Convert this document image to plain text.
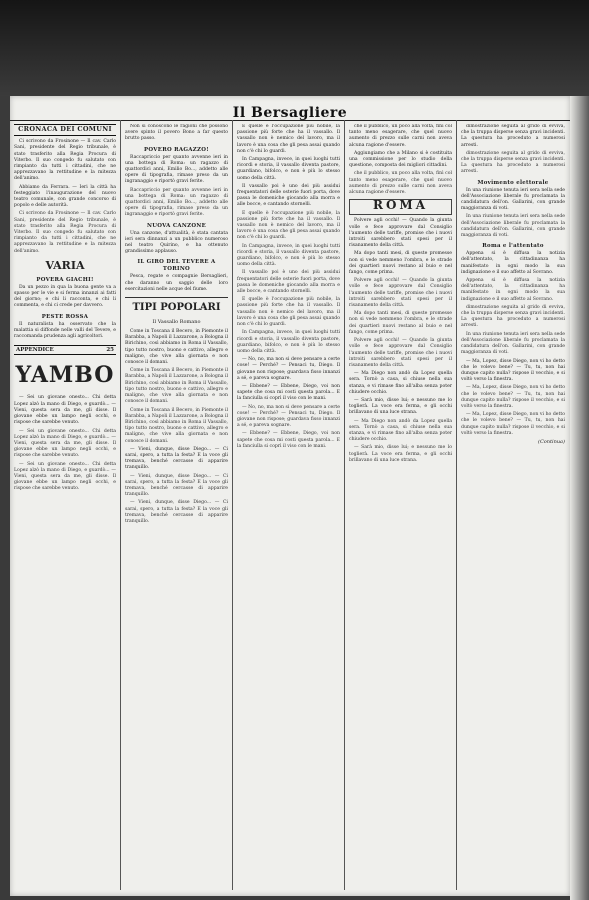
Il Bersagliere
CRONACA DEI COMUNI

Ci scrivono da Frosinone — Il cav. Carlo Sani, presidente del Regio tribunale, è stato trasferito alla Regia Procura di Viterbo. Il suo congedo fu salutato con rimpianto da tutti i cittadini, che ne apprezzavano la rettitudine e la mitezza dell'animo.

Abbiamo da Ferrara. — Ieri la città ha festeggiato l'inaugurazione del nuovo teatro comunale, con grande concorso di popolo e delle autorità.

Ci scrivono da Frosinone — Il cav. Carlo Sani, presidente del Regio tribunale, è stato trasferito alla Regia Procura di Viterbo. Il suo congedo fu salutato con rimpianto da tutti i cittadini, che ne apprezzavano la rettitudine e la mitezza dell'animo.

VARIA
POVERA GIACHI!

Da un pezzo in qua la buona gente va a spasso per le vie e si ferma innanzi ai fatti del giorno; e chi li racconta, e chi li commenta, e chi ci crede per davvero.

PESTE ROSSA

Il naturalista ha osservato che la malattia si diffonde nelle valli del Tevere, e raccomanda prudenza agli agricoltori.

APPENDICE	25
YAMBO

— Sei un giovane onesto... Chi detta Lopez alzò la mano di Diego, e guardò... — Vieni, questa sera da me, gli disse. Il giovane ebbe un lampo negli occhi, e rispose che sarebbe venuto.

— Sei un giovane onesto... Chi detta Lopez alzò la mano di Diego, e guardò... — Vieni, questa sera da me, gli disse. Il giovane ebbe un lampo negli occhi, e rispose che sarebbe venuto.

— Sei un giovane onesto... Chi detta Lopez alzò la mano di Diego, e guardò... — Vieni, questa sera da me, gli disse. Il giovane ebbe un lampo negli occhi, e rispose che sarebbe venuto.

Non si conoscono le ragioni che possono avere spinto il povero Bono a far questo brutto passo.

POVERO RAGAZZO!

Raccapriccio per quanto avvenne ieri in una bottega di Roma: un ragazzo di quattordici anni, Emilio Bo..., addetto alle opere di tipografia, rimase preso da un ingranaggio e riportò gravi ferite.

Raccapriccio per quanto avvenne ieri in una bottega di Roma: un ragazzo di quattordici anni, Emilio Bo..., addetto alle opere di tipografia, rimase preso da un ingranaggio e riportò gravi ferite.

NUOVA CANZONE

Una canzone, d'attualità, è stata cantata ieri sera dinnanzi a un pubblico numeroso nel teatro Quirino, e ha ottenuto grandissimo applauso.

IL GIRO DEL TEVERE A TORINO

Pesca, regate e compagnie Bersaglieri, che daranno un saggio delle loro esercitazioni nelle acque del fiume.

TIPI POPOLARI
Il Vassallo Romano

Come in Toscana il Becero, in Piemonte il Barabba, a Napoli il Lazzarone, a Bologna il Birichino, così abbiamo in Roma il Vassallo, tipo tutto nostro, buono e cattivo, allegro e maligno, che vive alla giornata e non conosce il domani.

Come in Toscana il Becero, in Piemonte il Barabba, a Napoli il Lazzarone, a Bologna il Birichino, così abbiamo in Roma il Vassallo, tipo tutto nostro, buono e cattivo, allegro e maligno, che vive alla giornata e non conosce il domani.

Come in Toscana il Becero, in Piemonte il Barabba, a Napoli il Lazzarone, a Bologna il Birichino, così abbiamo in Roma il Vassallo, tipo tutto nostro, buono e cattivo, allegro e maligno, che vive alla giornata e non conosce il domani.

— Vieni, dunque, disse Diego... — Ci sarai, spero, a tutta la festa? E la voce gli tremava, benché cercasse di apparire tranquillo.

— Vieni, dunque, disse Diego... — Ci sarai, spero, a tutta la festa? E la voce gli tremava, benché cercasse di apparire tranquillo.

— Vieni, dunque, disse Diego... — Ci sarai, spero, a tutta la festa? E la voce gli tremava, benché cercasse di apparire tranquillo.

E quelle è l'occupazione più nobile, la passione più forte che ha il vassallo. Il vassallo non è nemico del lavoro, ma il lavoro è una cosa che gli pesa assai quando non c'è chi lo guardi.

In Campagna, invece, in quei luoghi tutti ricordi e storia, il vassallo diventa pastore, guardiano, bifolco, e non è più lo stesso uomo della città.

Il vassallo poi è uno dei più assidui frequentatori delle osterie fuori porta, dove passa le domeniche giocando alla morra e alle bocce, e cantando stornelli.

E quelle è l'occupazione più nobile, la passione più forte che ha il vassallo. Il vassallo non è nemico del lavoro, ma il lavoro è una cosa che gli pesa assai quando non c'è chi lo guardi.

In Campagna, invece, in quei luoghi tutti ricordi e storia, il vassallo diventa pastore, guardiano, bifolco, e non è più lo stesso uomo della città.

Il vassallo poi è uno dei più assidui frequentatori delle osterie fuori porta, dove passa le domeniche giocando alla morra e alle bocce, e cantando stornelli.

E quelle è l'occupazione più nobile, la passione più forte che ha il vassallo. Il vassallo non è nemico del lavoro, ma il lavoro è una cosa che gli pesa assai quando non c'è chi lo guardi.

In Campagna, invece, in quei luoghi tutti ricordi e storia, il vassallo diventa pastore, guardiano, bifolco, e non è più lo stesso uomo della città.

— No, no, ma non si deve pensare a certe cose! — Perché? — Pensaci tu, Diego. Il giovane non rispose; guardava fisso innanzi a sé, e pareva sognare.

— Ebbene? — Ebbene, Diego, voi non sapete che cosa mi costi questa parola... E la fanciulla si coprì il viso con le mani.

— No, no, ma non si deve pensare a certe cose! — Perché? — Pensaci tu, Diego. Il giovane non rispose; guardava fisso innanzi a sé, e pareva sognare.

— Ebbene? — Ebbene, Diego, voi non sapete che cosa mi costi questa parola... E la fanciulla si coprì il viso con le mani.

che il pubblico, un poco alla volta, finì col tanto meno esagerare, che quel nuovo aumento di prezzo sulle carni non aveva alcuna ragione d'essere.

Aggiungiamo che a Milano si è costituita una commissione per lo studio della questione, composta dei migliori cittadini.

che il pubblico, un poco alla volta, finì col tanto meno esagerare, che quel nuovo aumento di prezzo sulle carni non aveva alcuna ragione d'essere.

ROMA

Polvere agli occhi! — Quando la giunta volle e fece approvare dal Consiglio l'aumento delle tariffe, promise che i nuovi introiti sarebbero stati spesi per il risanamento della città.

Ma dopo tanti mesi, di queste promesse non si vede nemmeno l'ombra, e le strade dei quartieri nuovi restano al buio e nel fango, come prima.

Polvere agli occhi! — Quando la giunta volle e fece approvare dal Consiglio l'aumento delle tariffe, promise che i nuovi introiti sarebbero stati spesi per il risanamento della città.

Ma dopo tanti mesi, di queste promesse non si vede nemmeno l'ombra, e le strade dei quartieri nuovi restano al buio e nel fango, come prima.

Polvere agli occhi! — Quando la giunta volle e fece approvare dal Consiglio l'aumento delle tariffe, promise che i nuovi introiti sarebbero stati spesi per il risanamento della città.

— Ma Diego non andò da Lopez quella sera. Tornò a casa, si chiuse nella sua stanza, e vi rimase fino all'alba senza poter chiudere occhio.

— Sarà mio, disse lui; e nessuno me lo toglierà. La voce era ferma, e gli occhi brillavano di una luce strana.

— Ma Diego non andò da Lopez quella sera. Tornò a casa, si chiuse nella sua stanza, e vi rimase fino all'alba senza poter chiudere occhio.

— Sarà mio, disse lui; e nessuno me lo toglierà. La voce era ferma, e gli occhi brillavano di una luce strana.

dimostrazione seguita al grido di evviva, che la truppa disperse senza gravi incidenti. La questura ha proceduto a numerosi arresti.

dimostrazione seguita al grido di evviva, che la truppa disperse senza gravi incidenti. La questura ha proceduto a numerosi arresti.

Movimento elettorale

In una riunione tenuta ieri sera nella sede dell'Associazione liberale fu proclamata la candidatura dell'on. Gallarini, con grande maggioranza di voti.

In una riunione tenuta ieri sera nella sede dell'Associazione liberale fu proclamata la candidatura dell'on. Gallarini, con grande maggioranza di voti.

Roma e l'attentato

Appena si è diffusa la notizia dell'attentato, la cittadinanza ha manifestato in ogni modo la sua indignazione e il suo affetto al Sovrano.

Appena si è diffusa la notizia dell'attentato, la cittadinanza ha manifestato in ogni modo la sua indignazione e il suo affetto al Sovrano.

dimostrazione seguita al grido di evviva, che la truppa disperse senza gravi incidenti. La questura ha proceduto a numerosi arresti.

In una riunione tenuta ieri sera nella sede dell'Associazione liberale fu proclamata la candidatura dell'on. Gallarini, con grande maggioranza di voti.

— Ma, Lopez, disse Diego, non vi ho detto che le volevo bene? — Tu, tu, non hai dunque capito nulla? rispose il vecchio, e si voltò verso la finestra.

— Ma, Lopez, disse Diego, non vi ho detto che le volevo bene? — Tu, tu, non hai dunque capito nulla? rispose il vecchio, e si voltò verso la finestra.

— Ma, Lopez, disse Diego, non vi ho detto che le volevo bene? — Tu, tu, non hai dunque capito nulla? rispose il vecchio, e si voltò verso la finestra.

(Continua)
